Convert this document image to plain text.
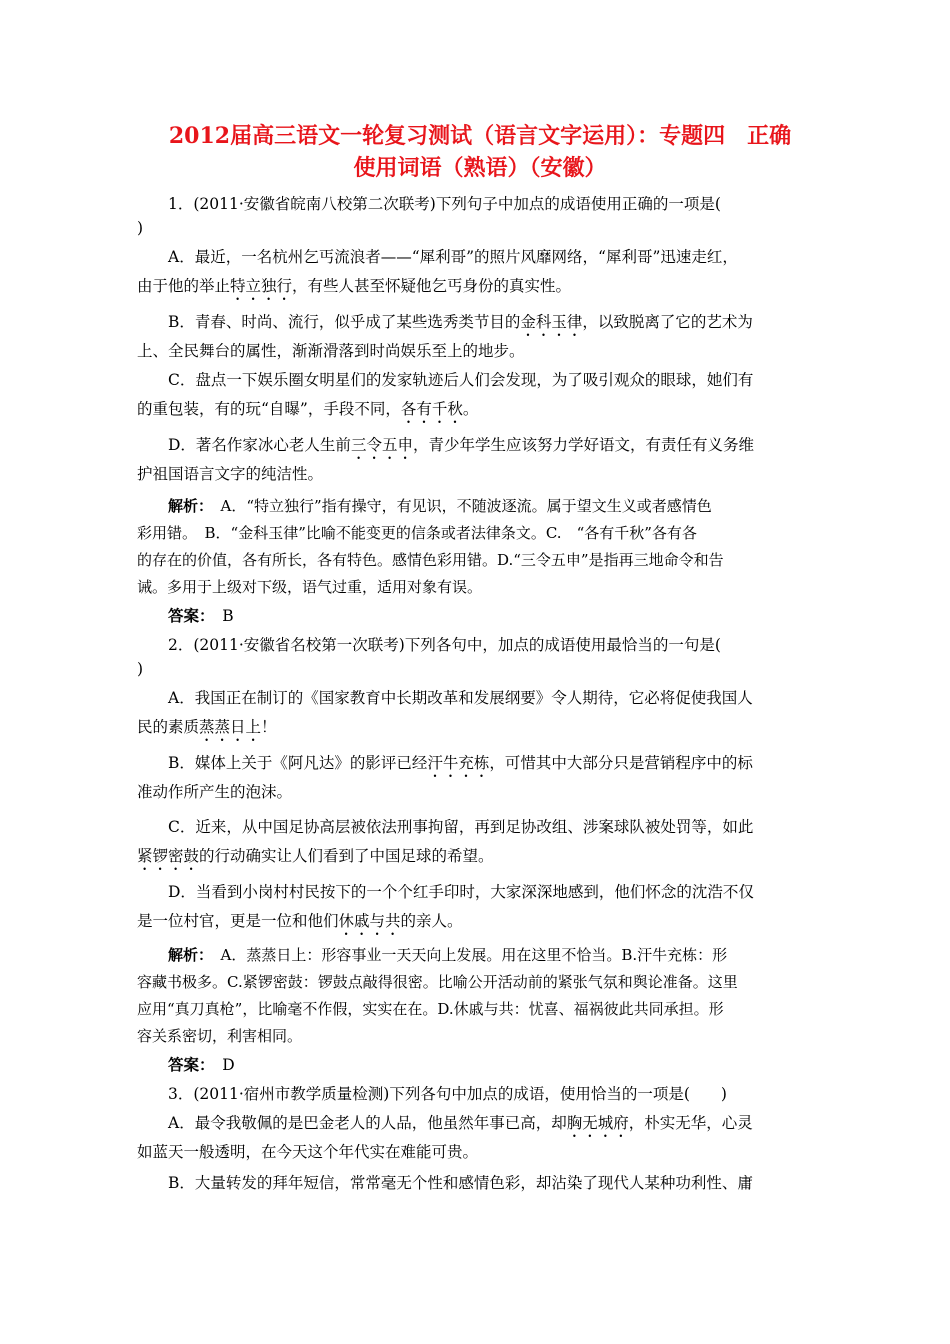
2012届高三语文一轮复习测试（语言文字运用）：专题四　正确
使用词语（熟语）（安徽）
1．(2011·安徽省皖南八校第二次联考)下列句子中加点的成语使用正确的一项是(
)
A．最近，一名杭州乞丐流浪者——“犀利哥”的照片风靡网络，“犀利哥”迅速走红，
由于他的举止特立独行，有些人甚至怀疑他乞丐身份的真实性。
B．青春、时尚、流行，似乎成了某些选秀类节目的金科玉律，以致脱离了它的艺术为
上、全民舞台的属性，渐渐滑落到时尚娱乐至上的地步。
C．盘点一下娱乐圈女明星们的发家轨迹后人们会发现，为了吸引观众的眼球，她们有
的重包装，有的玩“自曝”，手段不同，各有千秋。
D．著名作家冰心老人生前三令五申，青少年学生应该努力学好语文，有责任有义务维
护祖国语言文字的纯洁性。
解析：　A．“特立独行”指有操守，有见识，不随波逐流。属于望文生义或者感情色
彩用错。　B．“金科玉律”比喻不能变更的信条或者法律条文。C.　“各有千秋”各有各
的存在的价值，各有所长，各有特色。感情色彩用错。D.“三令五申”是指再三地命令和告
诫。多用于上级对下级，语气过重，适用对象有误。
答案：　B
2．(2011·安徽省名校第一次联考)下列各句中，加点的成语使用最恰当的一句是(
)
A．我国正在制订的《国家教育中长期改革和发展纲要》令人期待，它必将促使我国人
民的素质蒸蒸日上！
B．媒体上关于《阿凡达》的影评已经汗牛充栋，可惜其中大部分只是营销程序中的标
准动作所产生的泡沫。
C．近来，从中国足协高层被依法刑事拘留，再到足协改组、涉案球队被处罚等，如此
紧锣密鼓的行动确实让人们看到了中国足球的希望。
D．当看到小岗村村民按下的一个个红手印时，大家深深地感到，他们怀念的沈浩不仅
是一位村官，更是一位和他们休戚与共的亲人。
解析：　A．蒸蒸日上：形容事业一天天向上发展。用在这里不恰当。B.汗牛充栋：形
容藏书极多。C.紧锣密鼓：锣鼓点敲得很密。比喻公开活动前的紧张气氛和舆论准备。这里
应用“真刀真枪”，比喻毫不作假，实实在在。D.休戚与共：忧喜、福祸彼此共同承担。形
容关系密切，利害相同。
答案：　D
3．(2011·宿州市教学质量检测)下列各句中加点的成语，使用恰当的一项是(　　)
A．最令我敬佩的是巴金老人的人品，他虽然年事已高，却胸无城府，朴实无华，心灵
如蓝天一般透明，在今天这个年代实在难能可贵。
B．大量转发的拜年短信，常常毫无个性和感情色彩，却沾染了现代人某种功利性、庸
